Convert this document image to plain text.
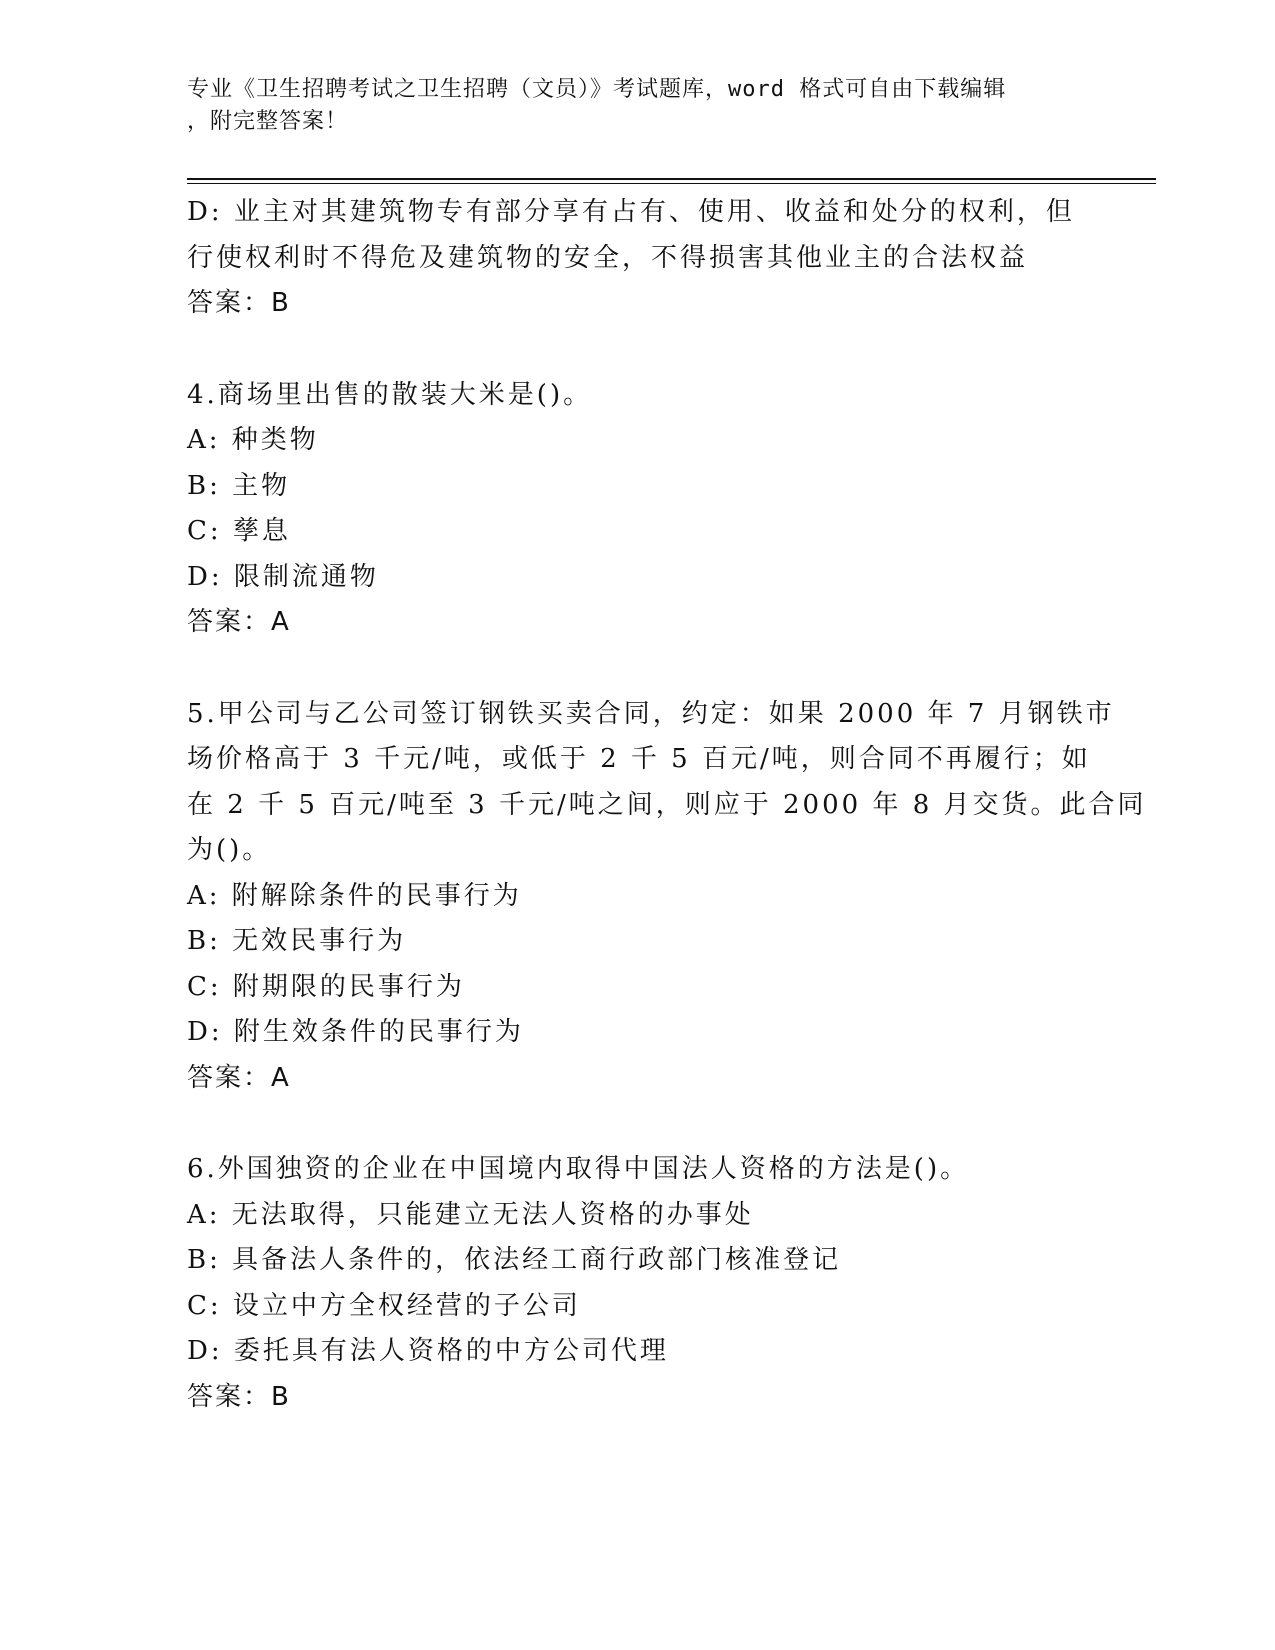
专业《卫生招聘考试之卫生招聘（文员）》考试题库，word 格式可自由下载编辑
，附完整答案！
D: 业主对其建筑物专有部分享有占有、使用、收益和处分的权利，但
行使权利时不得危及建筑物的安全，不得损害其他业主的合法权益
答案：B
4.商场里出售的散装大米是()。
A: 种类物
B: 主物
C: 孳息
D: 限制流通物
答案：A
5.甲公司与乙公司签订钢铁买卖合同，约定：如果 2000 年 7 月钢铁市
场价格高于 3 千元/吨，或低于 2 千 5 百元/吨，则合同不再履行；如
在 2 千 5 百元/吨至 3 千元/吨之间，则应于 2000 年 8 月交货。此合同
为()。
A: 附解除条件的民事行为
B: 无效民事行为
C: 附期限的民事行为
D: 附生效条件的民事行为
答案：A
6.外国独资的企业在中国境内取得中国法人资格的方法是()。
A: 无法取得，只能建立无法人资格的办事处
B: 具备法人条件的，依法经工商行政部门核准登记
C: 设立中方全权经营的子公司
D: 委托具有法人资格的中方公司代理
答案：B
